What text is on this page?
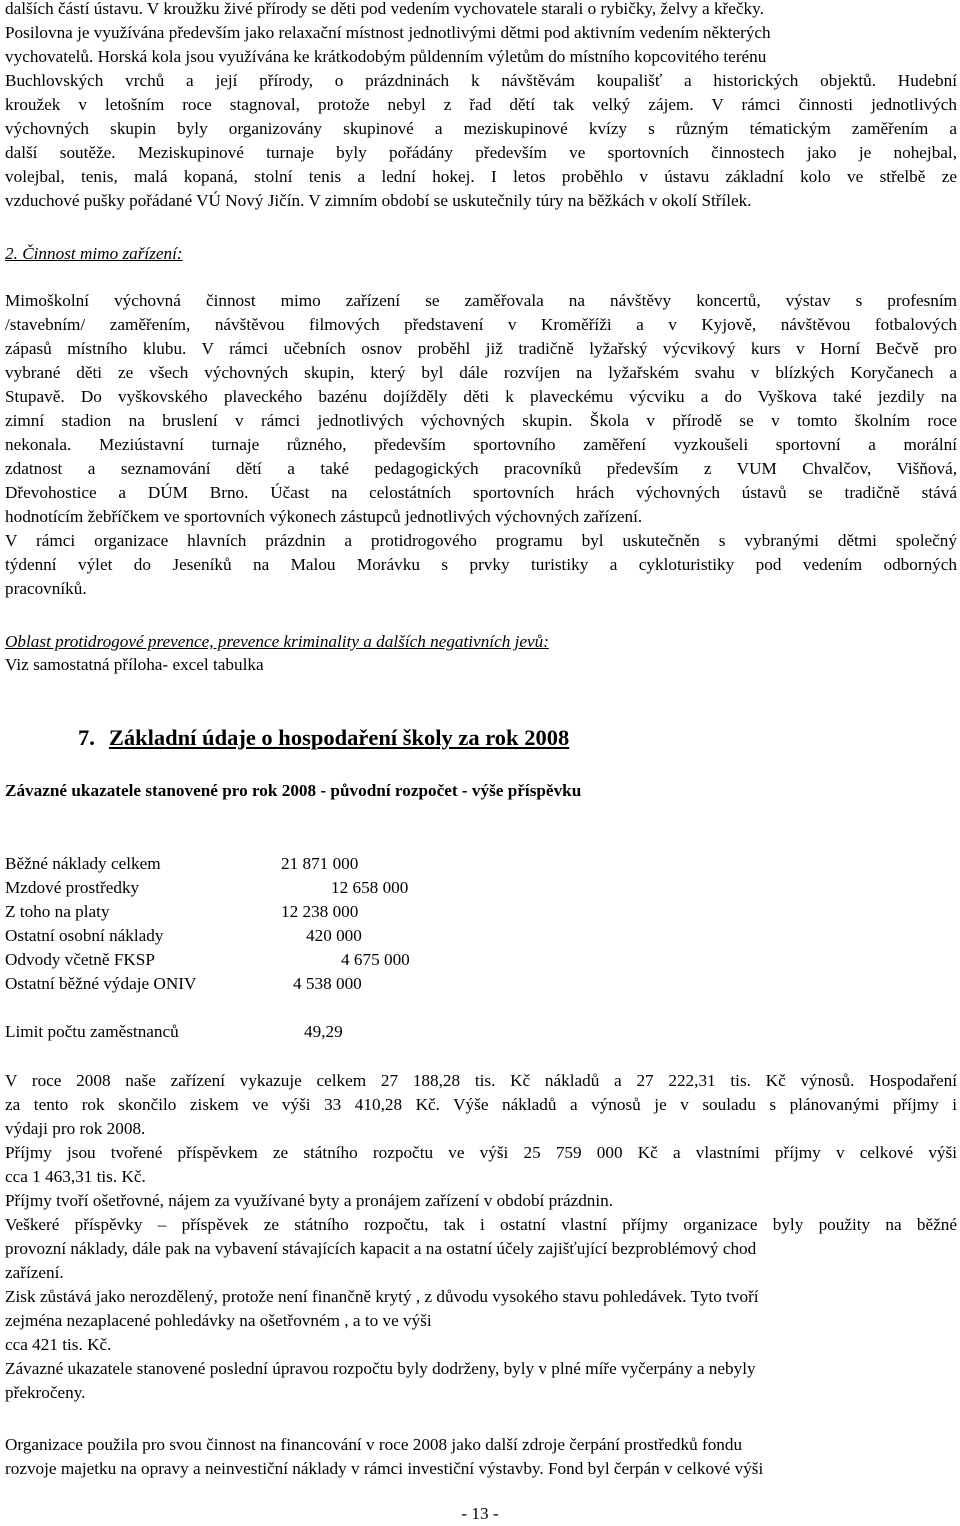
dalších částí ústavu. V kroužku živé přírody se děti pod vedením vychovatele starali o rybičky, želvy a křečky.
Posilovna je využívána především jako relaxační místnost jednotlivými dětmi pod aktivním vedením některých
vychovatelů. Horská kola jsou využívána ke krátkodobým půldenním výletům do místního kopcovitého terénu
Buchlovských vrchů a její přírody, o prázdninách k návštěvám koupališť a historických objektů. Hudební
kroužek v letošním roce stagnoval, protože nebyl z řad dětí tak velký zájem. V rámci činnosti jednotlivých
výchovných skupin byly organizovány skupinové a meziskupinové kvízy s různým tématickým zaměřením a
další soutěže. Meziskupinové turnaje byly pořádány především ve sportovních činnostech jako je nohejbal,
volejbal, tenis, malá kopaná, stolní tenis a lední hokej. I letos proběhlo v ústavu základní kolo ve střelbě ze
vzduchové pušky pořádané VÚ Nový Jičín. V zimním období se uskutečnily túry na běžkách v okolí Střílek.
2. Činnost mimo zařízení:
Mimoškolní výchovná činnost mimo zařízení se zaměřovala na návštěvy koncertů, výstav s profesním
/stavebním/ zaměřením, návštěvou filmových představení v Kroměříži a v Kyjově, návštěvou fotbalových
zápasů místního klubu. V rámci učebních osnov proběhl již tradičně lyžařský výcvikový kurs v Horní Bečvě pro
vybrané děti ze všech výchovných skupin, který byl dále rozvíjen na lyžařském svahu v blízkých Koryčanech a
Stupavě. Do vyškovského plaveckého bazénu dojížděly děti k plaveckému výcviku a do Vyškova také jezdily na
zimní stadion na bruslení v rámci jednotlivých výchovných skupin. Škola v přírodě se v tomto školním roce
nekonala. Meziústavní turnaje různého, především sportovního zaměření vyzkoušeli sportovní a morální
zdatnost a seznamování dětí a také pedagogických pracovníků především z VUM Chvalčov, Višňová,
Dřevohostice a DÚM Brno. Účast na celostátních sportovních hrách výchovných ústavů se tradičně stává
hodnotícím žebříčkem ve sportovních výkonech zástupců jednotlivých výchovných zařízení.
V rámci organizace hlavních prázdnin a protidrogového programu byl uskutečněn s vybranými dětmi společný
týdenní výlet do Jeseníků na Malou Morávku s prvky turistiky a cykloturistiky pod vedením odborných
pracovníků.
Oblast protidrogové prevence, prevence kriminality a dalších negativních jevů:
Viz samostatná příloha- excel tabulka
7. Základní údaje o hospodaření školy za rok 2008
Závazné ukazatele stanovené pro rok 2008 - původní rozpočet - výše příspěvku
Běžné náklady celkem	21 871 000
Mzdové prostředky	12 658 000
Z toho na platy	12 238 000
Ostatní osobní náklady	420 000
Odvody včetně FKSP	4 675 000
Ostatní běžné výdaje ONIV	4 538 000
Limit počtu zaměstnanců	49,29
V roce 2008 naše zařízení vykazuje celkem 27 188,28 tis. Kč nákladů a 27 222,31 tis. Kč výnosů. Hospodaření
za tento rok skončilo ziskem ve výši 33 410,28 Kč. Výše nákladů a výnosů je v souladu s plánovanými příjmy i
výdaji pro rok 2008.
Příjmy jsou tvořené příspěvkem ze státního rozpočtu ve výši 25 759 000 Kč a vlastními příjmy v celkové výši
cca 1 463,31 tis. Kč.
Příjmy tvoří ošetřovné, nájem za využívané byty a pronájem zařízení v období prázdnin.
Veškeré příspěvky – příspěvek ze státního rozpočtu, tak i ostatní vlastní příjmy organizace byly použity na běžné
provozní náklady, dále pak na vybavení stávajících kapacit a na ostatní účely zajišťující bezproblémový chod
zařízení.
Zisk zůstává jako nerozdělený, protože není finančně krytý , z důvodu vysokého stavu pohledávek. Tyto tvoří
zejména nezaplacené pohledávky na ošetřovném , a to ve výši
cca 421 tis. Kč.
Závazné ukazatele stanovené poslední úpravou rozpočtu byly dodrženy, byly v plné míře vyčerpány a nebyly
překročeny.
Organizace použila pro svou činnost na financování v roce 2008 jako další zdroje čerpání prostředků fondu
rozvoje majetku na opravy a neinvestiční náklady v rámci investiční výstavby. Fond byl čerpán v celkové výši
- 13 -
